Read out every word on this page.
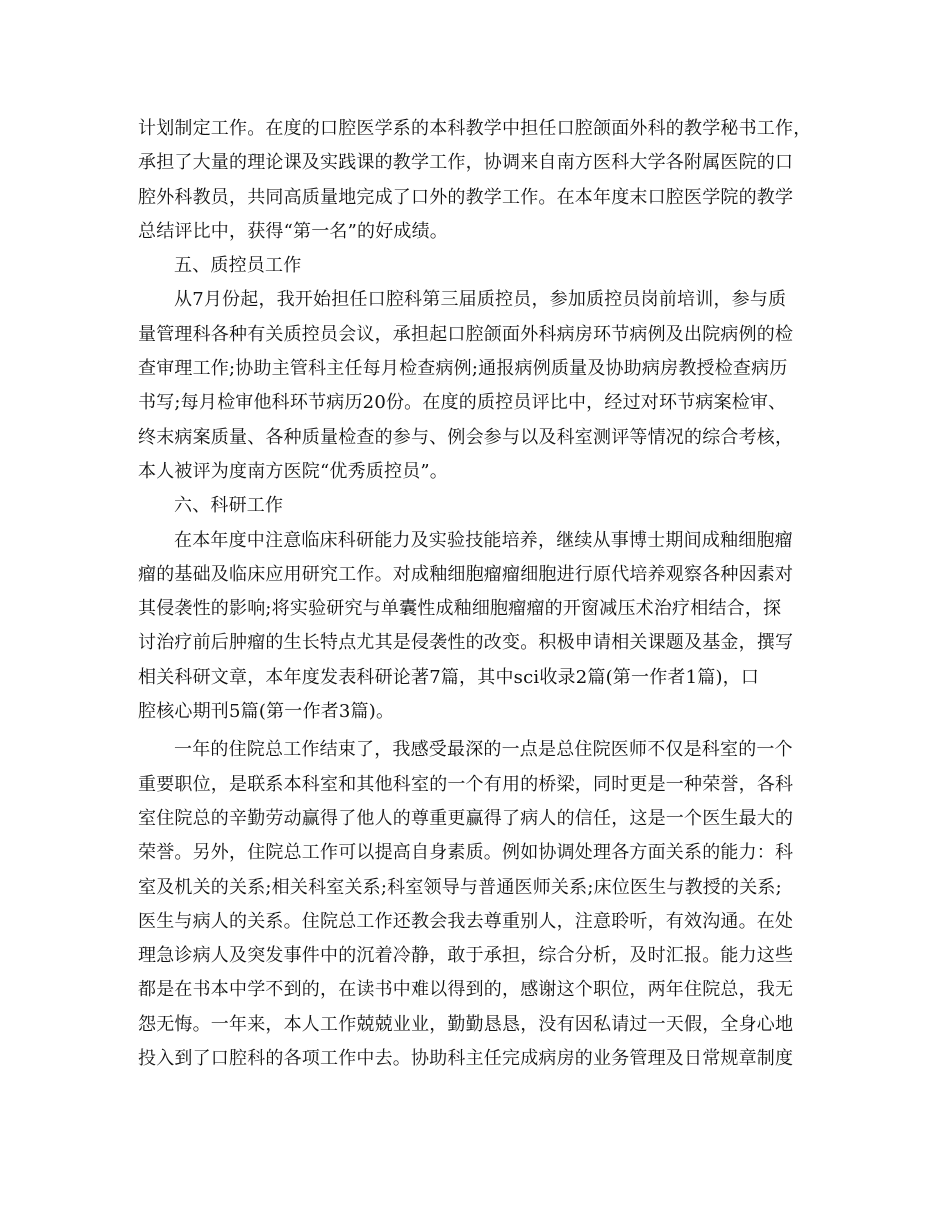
计划制定工作。在度的口腔医学系的本科教学中担任口腔颌面外科的教学秘书工作，
承担了大量的理论课及实践课的教学工作，协调来自南方医科大学各附属医院的口
腔外科教员，共同高质量地完成了口外的教学工作。在本年度末口腔医学院的教学
总结评比中，获得“第一名”的好成绩。
五、质控员工作
从7月份起，我开始担任口腔科第三届质控员，参加质控员岗前培训，参与质
量管理科各种有关质控员会议，承担起口腔颌面外科病房环节病例及出院病例的检
查审理工作;协助主管科主任每月检查病例;通报病例质量及协助病房教授检查病历
书写;每月检审他科环节病历20份。在度的质控员评比中，经过对环节病案检审、
终末病案质量、各种质量检查的参与、例会参与以及科室测评等情况的综合考核，
本人被评为度南方医院“优秀质控员”。
六、科研工作
在本年度中注意临床科研能力及实验技能培养，继续从事博士期间成釉细胞瘤
瘤的基础及临床应用研究工作。对成釉细胞瘤瘤细胞进行原代培养观察各种因素对
其侵袭性的影响;将实验研究与单囊性成釉细胞瘤瘤的开窗减压术治疗相结合，探
讨治疗前后肿瘤的生长特点尤其是侵袭性的改变。积极申请相关课题及基金，撰写
相关科研文章，本年度发表科研论著7篇，其中sci收录2篇(第一作者1篇)，口
腔核心期刊5篇(第一作者3篇)。
一年的住院总工作结束了，我感受最深的一点是总住院医师不仅是科室的一个
重要职位，是联系本科室和其他科室的一个有用的桥梁，同时更是一种荣誉，各科
室住院总的辛勤劳动赢得了他人的尊重更赢得了病人的信任，这是一个医生最大的
荣誉。另外，住院总工作可以提高自身素质。例如协调处理各方面关系的能力：科
室及机关的关系;相关科室关系;科室领导与普通医师关系;床位医生与教授的关系;
医生与病人的关系。住院总工作还教会我去尊重别人，注意聆听，有效沟通。在处
理急诊病人及突发事件中的沉着冷静，敢于承担，综合分析，及时汇报。能力这些
都是在书本中学不到的，在读书中难以得到的，感谢这个职位，两年住院总，我无
怨无悔。一年来，本人工作兢兢业业，勤勤恳恳，没有因私请过一天假，全身心地
投入到了口腔科的各项工作中去。协助科主任完成病房的业务管理及日常规章制度
